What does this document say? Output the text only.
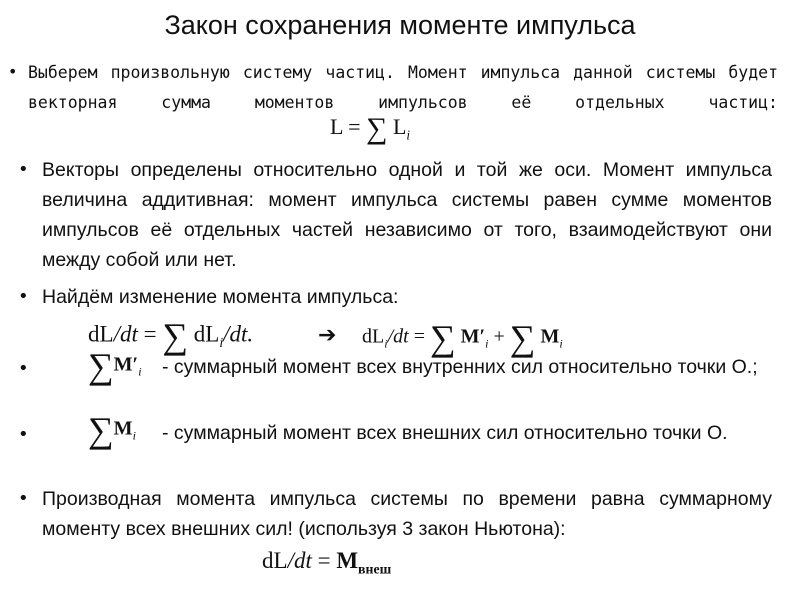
Закон сохранения моменте импульса
• Выберем произвольную систему частиц. Момент импульса данной системы будет векторная сумма моментов импульсов её отдельных частиц:
L = ∑ $L_i$
• Векторы определены относительно одной и той же оси. Момент импульса величина аддитивная: момент импульса системы равен сумме моментов импульсов её отдельных частей независимо от того, взаимодействуют они между собой или нет.
• Найдём изменение момента импульса:
dL/dt = ∑ $dL_i/dt$.	➔ $dL_i/dt$ = ∑ $M'_i$ + ∑ $M_i$
• $\sum M'_i$	- суммарный момент всех внутренних сил относительно точки О.;
• $\sum M_i$	- суммарный момент всех внешних сил относительно точки О.
• Производная момента импульса системы по времени равна суммарному моменту всех внешних сил! (используя 3 закон Ньютона):
$dL/dt = M_{внеш}$
